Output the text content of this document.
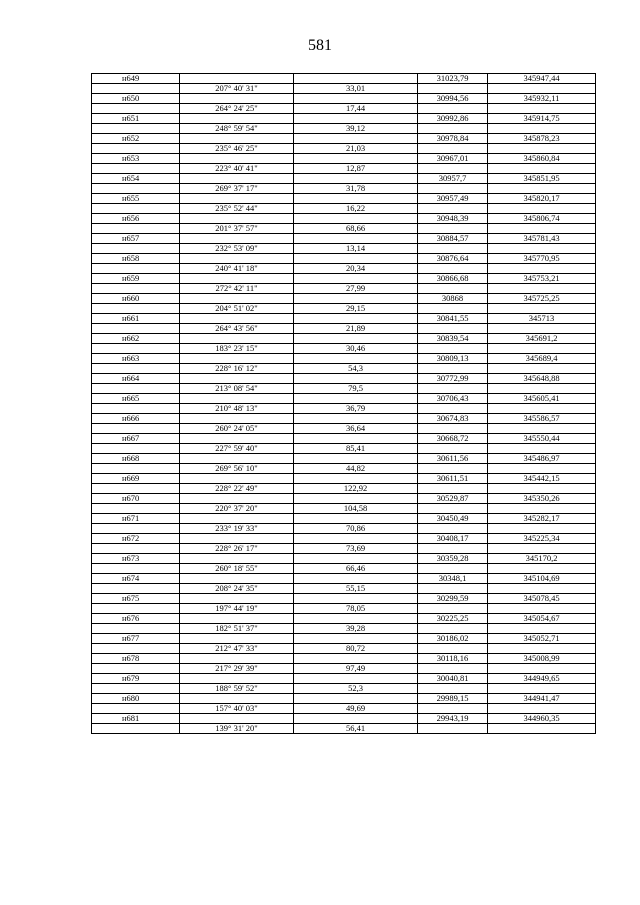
581
н649			31023,79	345947,44
	207° 40' 31"	33,01		
н650			30994,56	345932,11
	264° 24' 25"	17,44		
н651			30992,86	345914,75
	248° 59' 54"	39,12		
н652			30978,84	345878,23
	235° 46' 25"	21,03		
н653			30967,01	345860,84
	223° 40' 41"	12,87		
н654			30957,7	345851,95
	269° 37' 17"	31,78		
н655			30957,49	345820,17
	235° 52' 44"	16,22		
н656			30948,39	345806,74
	201° 37' 57"	68,66		
н657			30884,57	345781,43
	232° 53' 09"	13,14		
н658			30876,64	345770,95
	240° 41' 18"	20,34		
н659			30866,68	345753,21
	272° 42' 11"	27,99		
н660			30868	345725,25
	204° 51' 02"	29,15		
н661			30841,55	345713
	264° 43' 56"	21,89		
н662			30839,54	345691,2
	183° 23' 15"	30,46		
н663			30809,13	345689,4
	228° 16' 12"	54,3		
н664			30772,99	345648,88
	213° 08' 54"	79,5		
н665			30706,43	345605,41
	210° 48' 13"	36,79		
н666			30674,83	345586,57
	260° 24' 05"	36,64		
н667			30668,72	345550,44
	227° 59' 40"	85,41		
н668			30611,56	345486,97
	269° 56' 10"	44,82		
н669			30611,51	345442,15
	228° 22' 49"	122,92		
н670			30529,87	345350,26
	220° 37' 20"	104,58		
н671			30450,49	345282,17
	233° 19' 33"	70,86		
н672			30408,17	345225,34
	228° 26' 17"	73,69		
н673			30359,28	345170,2
	260° 18' 55"	66,46		
н674			30348,1	345104,69
	208° 24' 35"	55,15		
н675			30299,59	345078,45
	197° 44' 19"	78,05		
н676			30225,25	345054,67
	182° 51' 37"	39,28		
н677			30186,02	345052,71
	212° 47' 33"	80,72		
н678			30118,16	345008,99
	217° 29' 39"	97,49		
н679			30040,81	344949,65
	188° 59' 52"	52,3		
н680			29989,15	344941,47
	157° 40' 03"	49,69		
н681			29943,19	344960,35
	139° 31' 20"	56,41		
